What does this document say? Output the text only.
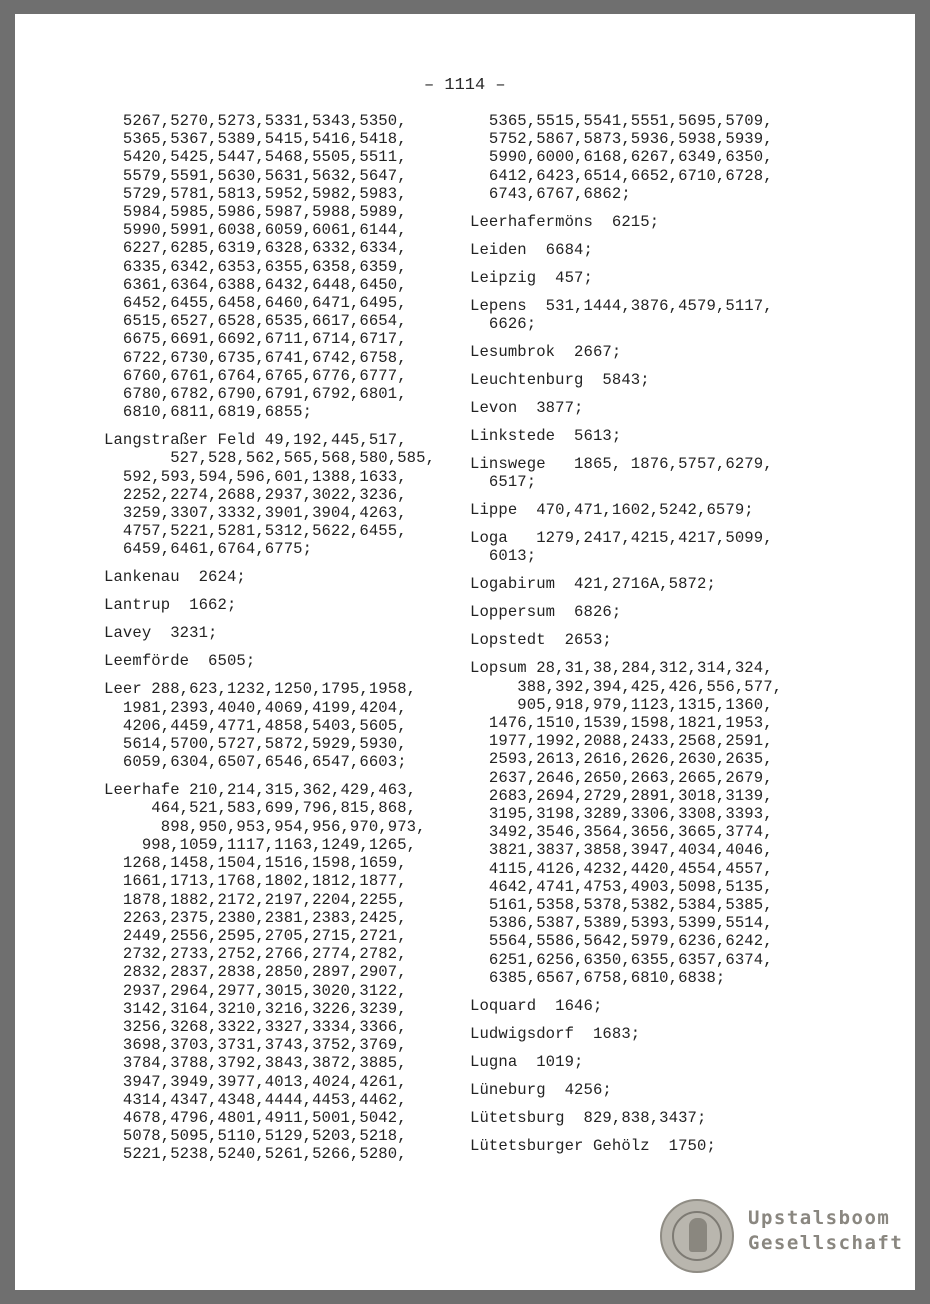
– 1114 –
5267,5270,5273,5331,5343,5350,
5365,5367,5389,5415,5416,5418,
5420,5425,5447,5468,5505,5511,
5579,5591,5630,5631,5632,5647,
5729,5781,5813,5952,5982,5983,
5984,5985,5986,5987,5988,5989,
5990,5991,6038,6059,6061,6144,
6227,6285,6319,6328,6332,6334,
6335,6342,6353,6355,6358,6359,
6361,6364,6388,6432,6448,6450,
6452,6455,6458,6460,6471,6495,
6515,6527,6528,6535,6617,6654,
6675,6691,6692,6711,6714,6717,
6722,6730,6735,6741,6742,6758,
6760,6761,6764,6765,6776,6777,
6780,6782,6790,6791,6792,6801,
6810,6811,6819,6855;
Langstraßer Feld 49,192,445,517,
527,528,562,565,568,580,585,
592,593,594,596,601,1388,1633,
2252,2274,2688,2937,3022,3236,
3259,3307,3332,3901,3904,4263,
4757,5221,5281,5312,5622,6455,
6459,6461,6764,6775;
Lankenau  2624;
Lantrup  1662;
Lavey  3231;
Leemförde  6505;
Leer 288,623,1232,1250,1795,1958,
1981,2393,4040,4069,4199,4204,
4206,4459,4771,4858,5403,5605,
5614,5700,5727,5872,5929,5930,
6059,6304,6507,6546,6547,6603;
Leerhafe 210,214,315,362,429,463,
464,521,583,699,796,815,868,
898,950,953,954,956,970,973,
998,1059,1117,1163,1249,1265,
1268,1458,1504,1516,1598,1659,
1661,1713,1768,1802,1812,1877,
1878,1882,2172,2197,2204,2255,
2263,2375,2380,2381,2383,2425,
2449,2556,2595,2705,2715,2721,
2732,2733,2752,2766,2774,2782,
2832,2837,2838,2850,2897,2907,
2937,2964,2977,3015,3020,3122,
3142,3164,3210,3216,3226,3239,
3256,3268,3322,3327,3334,3366,
3698,3703,3731,3743,3752,3769,
3784,3788,3792,3843,3872,3885,
3947,3949,3977,4013,4024,4261,
4314,4347,4348,4444,4453,4462,
4678,4796,4801,4911,5001,5042,
5078,5095,5110,5129,5203,5218,
5221,5238,5240,5261,5266,5280,
5365,5515,5541,5551,5695,5709,
5752,5867,5873,5936,5938,5939,
5990,6000,6168,6267,6349,6350,
6412,6423,6514,6652,6710,6728,
6743,6767,6862;
Leerhafermöns  6215;
Leiden  6684;
Leipzig  457;
Lepens  531,1444,3876,4579,5117,
6626;
Lesumbrok  2667;
Leuchtenburg  5843;
Levon  3877;
Linkstede  5613;
Linswege   1865, 1876,5757,6279,
6517;
Lippe  470,471,1602,5242,6579;
Loga   1279,2417,4215,4217,5099,
6013;
Logabirum  421,2716A,5872;
Loppersum  6826;
Lopstedt  2653;
Lopsum 28,31,38,284,312,314,324,
388,392,394,425,426,556,577,
905,918,979,1123,1315,1360,
1476,1510,1539,1598,1821,1953,
1977,1992,2088,2433,2568,2591,
2593,2613,2616,2626,2630,2635,
2637,2646,2650,2663,2665,2679,
2683,2694,2729,2891,3018,3139,
3195,3198,3289,3306,3308,3393,
3492,3546,3564,3656,3665,3774,
3821,3837,3858,3947,4034,4046,
4115,4126,4232,4420,4554,4557,
4642,4741,4753,4903,5098,5135,
5161,5358,5378,5382,5384,5385,
5386,5387,5389,5393,5399,5514,
5564,5586,5642,5979,6236,6242,
6251,6256,6350,6355,6357,6374,
6385,6567,6758,6810,6838;
Loquard  1646;
Ludwigsdorf  1683;
Lugna  1019;
Lüneburg  4256;
Lütetsburg  829,838,3437;
Lütetsburger Gehölz  1750;
Upstalsboom
Gesellschaft
